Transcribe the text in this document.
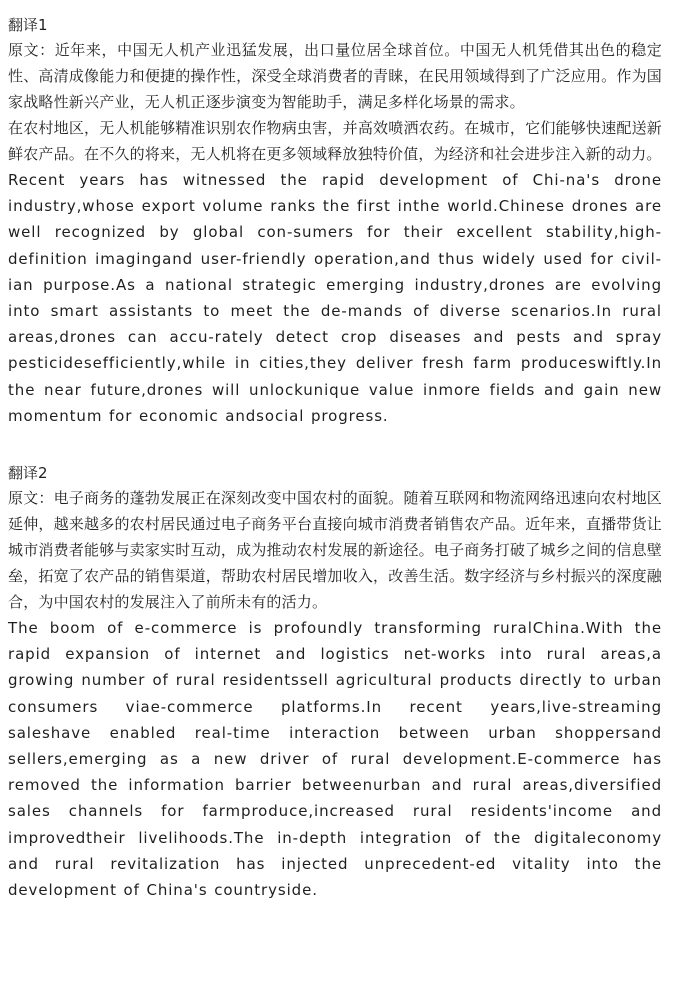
翻译1

原文：近年来，中国无人机产业迅猛发展，出口量位居全球首位。中国无人机凭借其出色的稳定性、高清成像能力和便捷的操作性，深受全球消费者的青睐，在民用领域得到了广泛应用。作为国家战略性新兴产业，无人机正逐步演变为智能助手，满足多样化场景的需求。

在农村地区，无人机能够精准识别农作物病虫害，并高效喷洒农药。在城市，它们能够快速配送新鲜农产品。在不久的将来，无人机将在更多领域释放独特价值，为经济和社会进步注入新的动力。

Recent years has witnessed the rapid development of Chi-na's drone industry,whose export volume ranks the first inthe world.Chinese drones are well recognized by global con-sumers for their excellent stability,high-definition imagingand user-friendly operation,and thus widely used for civil-ian purpose.As a national strategic emerging industry,drones are evolving into smart assistants to meet the de-mands of diverse scenarios.In rural areas,drones can accu-rately detect crop diseases and pests and spray pesticidesefficiently,while in cities,they deliver fresh farm produceswiftly.In the near future,drones will unlockunique value inmore fields and gain new momentum for economic andsocial progress.

翻译2

原文：电子商务的蓬勃发展正在深刻改变中国农村的面貌。随着互联网和物流网络迅速向农村地区延伸，越来越多的农村居民通过电子商务平台直接向城市消费者销售农产品。近年来，直播带货让城市消费者能够与卖家实时互动，成为推动农村发展的新途径。电子商务打破了城乡之间的信息壁垒，拓宽了农产品的销售渠道，帮助农村居民增加收入，改善生活。数字经济与乡村振兴的深度融合，为中国农村的发展注入了前所未有的活力。

The boom of e-commerce is profoundly transforming ruralChina.With the rapid expansion of internet and logistics net-works into rural areas,a growing number of rural residentssell agricultural products directly to urban consumers viae-commerce platforms.In recent years,live-streaming saleshave enabled real-time interaction between urban shoppersand sellers,emerging as a new driver of rural development.E-commerce has removed the information barrier betweenurban and rural areas,diversified sales channels for farmproduce,increased rural residents'income and improvedtheir livelihoods.The in-depth integration of the digitaleconomy and rural revitalization has injected unprecedent-ed vitality into the development of China's countryside.
